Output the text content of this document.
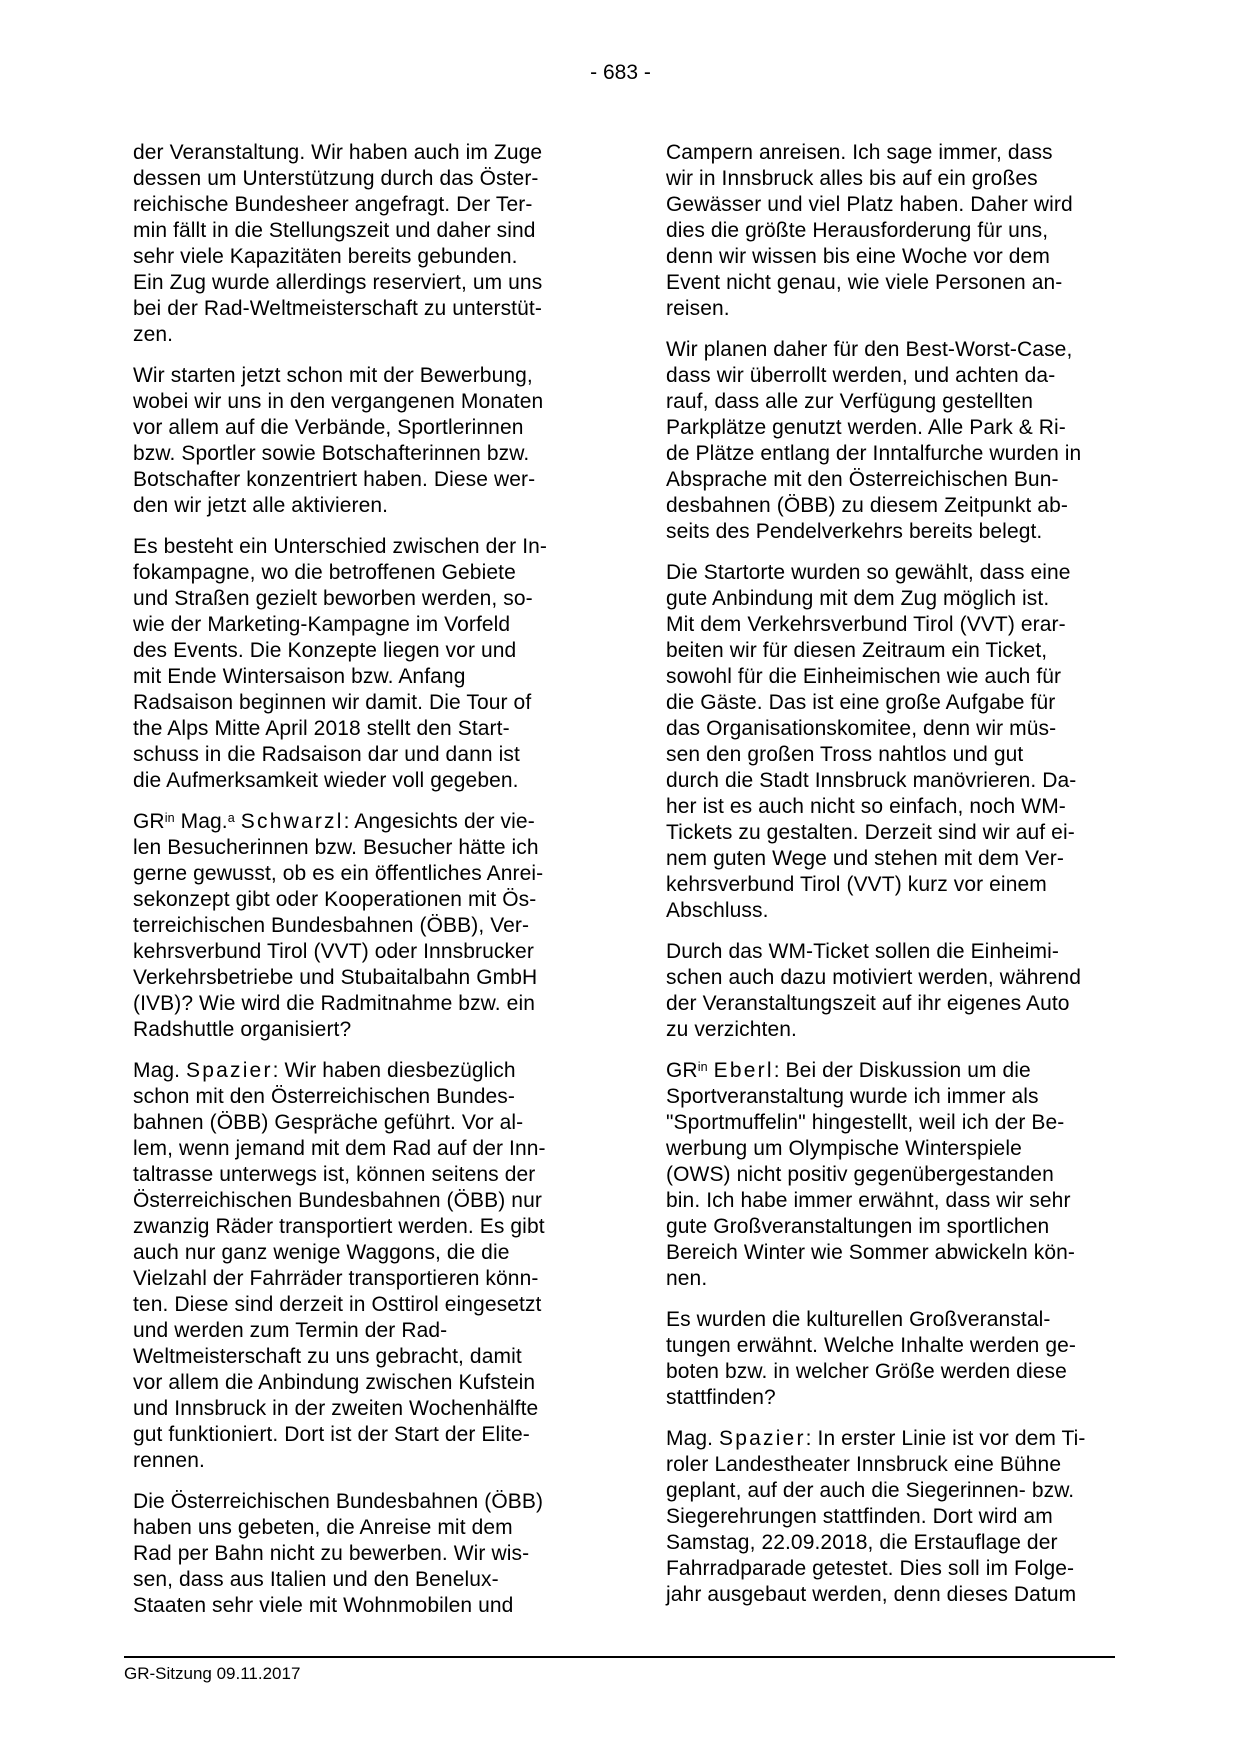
- 683 -

der Veranstaltung. Wir haben auch im Zuge
dessen um Unterstützung durch das Öster-
reichische Bundesheer angefragt. Der Ter-
min fällt in die Stellungszeit und daher sind
sehr viele Kapazitäten bereits gebunden.
Ein Zug wurde allerdings reserviert, um uns
bei der Rad-Weltmeisterschaft zu unterstüt-
zen.

Wir starten jetzt schon mit der Bewerbung,
wobei wir uns in den vergangenen Monaten
vor allem auf die Verbände, Sportlerinnen
bzw. Sportler sowie Botschafterinnen bzw.
Botschafter konzentriert haben. Diese wer-
den wir jetzt alle aktivieren.

Es besteht ein Unterschied zwischen der In-
fokampagne, wo die betroffenen Gebiete
und Straßen gezielt beworben werden, so-
wie der Marketing-Kampagne im Vorfeld
des Events. Die Konzepte liegen vor und
mit Ende Wintersaison bzw. Anfang
Radsaison beginnen wir damit. Die Tour of
the Alps Mitte April 2018 stellt den Start-
schuss in die Radsaison dar und dann ist
die Aufmerksamkeit wieder voll gegeben.

$GR^{in}$ Mag.$^a$ Schwarzl: Angesichts der vie-
len Besucherinnen bzw. Besucher hätte ich
gerne gewusst, ob es ein öffentliches Anrei-
sekonzept gibt oder Kooperationen mit Ös-
terreichischen Bundesbahnen (ÖBB), Ver-
kehrsverbund Tirol (VVT) oder Innsbrucker
Verkehrsbetriebe und Stubaitalbahn GmbH
(IVB)? Wie wird die Radmitnahme bzw. ein
Radshuttle organisiert?

Mag. Spazier: Wir haben diesbezüglich
schon mit den Österreichischen Bundes-
bahnen (ÖBB) Gespräche geführt. Vor al-
lem, wenn jemand mit dem Rad auf der Inn-
taltrasse unterwegs ist, können seitens der
Österreichischen Bundesbahnen (ÖBB) nur
zwanzig Räder transportiert werden. Es gibt
auch nur ganz wenige Waggons, die die
Vielzahl der Fahrräder transportieren könn-
ten. Diese sind derzeit in Osttirol eingesetzt
und werden zum Termin der Rad-
Weltmeisterschaft zu uns gebracht, damit
vor allem die Anbindung zwischen Kufstein
und Innsbruck in der zweiten Wochenhälfte
gut funktioniert. Dort ist der Start der Elite-
rennen.

Die Österreichischen Bundesbahnen (ÖBB)
haben uns gebeten, die Anreise mit dem
Rad per Bahn nicht zu bewerben. Wir wis-
sen, dass aus Italien und den Benelux-
Staaten sehr viele mit Wohnmobilen und

Campern anreisen. Ich sage immer, dass
wir in Innsbruck alles bis auf ein großes
Gewässer und viel Platz haben. Daher wird
dies die größte Herausforderung für uns,
denn wir wissen bis eine Woche vor dem
Event nicht genau, wie viele Personen an-
reisen.

Wir planen daher für den Best-Worst-Case,
dass wir überrollt werden, und achten da-
rauf, dass alle zur Verfügung gestellten
Parkplätze genutzt werden. Alle Park & Ri-
de Plätze entlang der Inntalfurche wurden in
Absprache mit den Österreichischen Bun-
desbahnen (ÖBB) zu diesem Zeitpunkt ab-
seits des Pendelverkehrs bereits belegt.

Die Startorte wurden so gewählt, dass eine
gute Anbindung mit dem Zug möglich ist.
Mit dem Verkehrsverbund Tirol (VVT) erar-
beiten wir für diesen Zeitraum ein Ticket,
sowohl für die Einheimischen wie auch für
die Gäste. Das ist eine große Aufgabe für
das Organisationskomitee, denn wir müs-
sen den großen Tross nahtlos und gut
durch die Stadt Innsbruck manövrieren. Da-
her ist es auch nicht so einfach, noch WM-
Tickets zu gestalten. Derzeit sind wir auf ei-
nem guten Wege und stehen mit dem Ver-
kehrsverbund Tirol (VVT) kurz vor einem
Abschluss.

Durch das WM-Ticket sollen die Einheimi-
schen auch dazu motiviert werden, während
der Veranstaltungszeit auf ihr eigenes Auto
zu verzichten.

$GR^{in}$ Eberl: Bei der Diskussion um die
Sportveranstaltung wurde ich immer als
"Sportmuffelin" hingestellt, weil ich der Be-
werbung um Olympische Winterspiele
(OWS) nicht positiv gegenübergestanden
bin. Ich habe immer erwähnt, dass wir sehr
gute Großveranstaltungen im sportlichen
Bereich Winter wie Sommer abwickeln kön-
nen.

Es wurden die kulturellen Großveranstal-
tungen erwähnt. Welche Inhalte werden ge-
boten bzw. in welcher Größe werden diese
stattfinden?

Mag. Spazier: In erster Linie ist vor dem Ti-
roler Landestheater Innsbruck eine Bühne
geplant, auf der auch die Siegerinnen- bzw.
Siegerehrungen stattfinden. Dort wird am
Samstag, 22.09.2018, die Erstauflage der
Fahrradparade getestet. Dies soll im Folge-
jahr ausgebaut werden, denn dieses Datum

GR-Sitzung 09.11.2017
